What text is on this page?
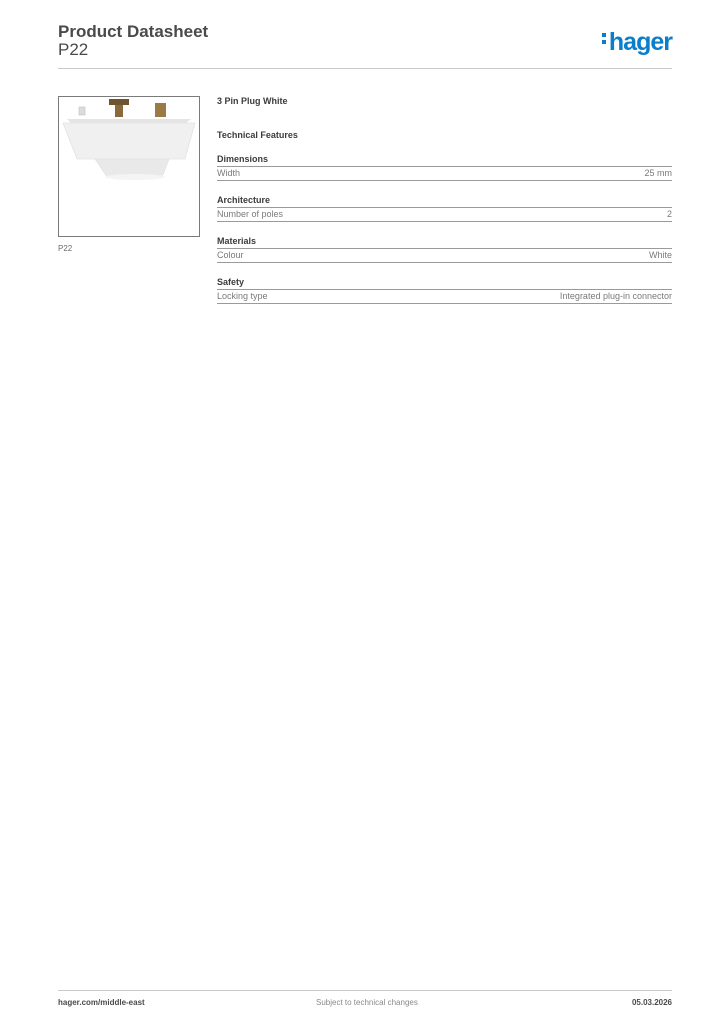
Product Datasheet
P22	hager
P22
3 Pin Plug White
Technical Features
Dimensions
Width	25 mm
Architecture
Number of poles	2
Materials
Colour	White
Safety
Locking type	Integrated plug-in connector
hager.com/middle-east	Subject to technical changes	05.03.2026
